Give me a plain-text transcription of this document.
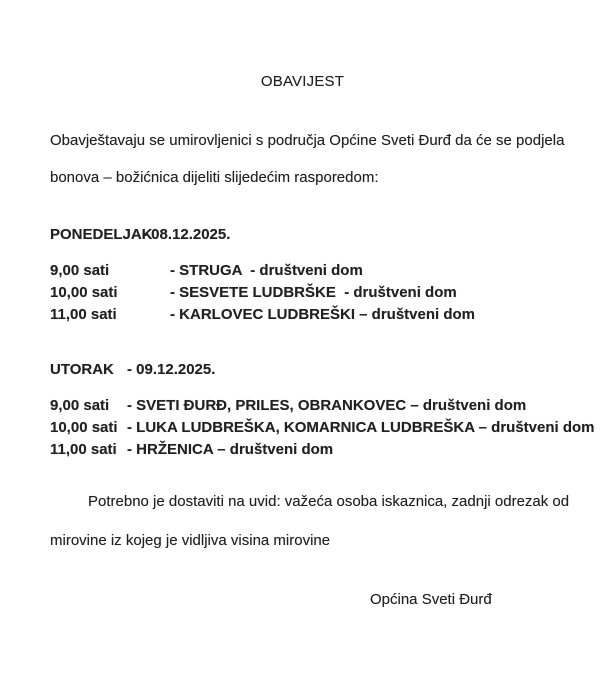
OBAVIJEST
Obavještavaju se umirovljenici s područja Općine Sveti Đurđ da će se podjela
bonova – božićnica dijeliti slijedećim rasporedom:
PONEDELJAK
- 08.12.2025.
9,00 sati	- STRUGA  - društveni dom
10,00 sati	- SESVETE LUDBRŠKE  - društveni dom
11,00 sati	- KARLOVEC LUDBREŠKI – društveni dom
UTORAK - 09.12.2025.
9,00 sati	- SVETI ĐURĐ, PRILES, OBRANKOVEC – društveni dom
10,00 sati - LUKA LUDBREŠKA, KOMARNICA LUDBREŠKA – društveni dom
11,00 sati - HRŽENICA – društveni dom
Potrebno je dostaviti na uvid: važeća osoba iskaznica, zadnji odrezak od
mirovine iz kojeg je vidljiva visina mirovine
Općina Sveti Đurđ
